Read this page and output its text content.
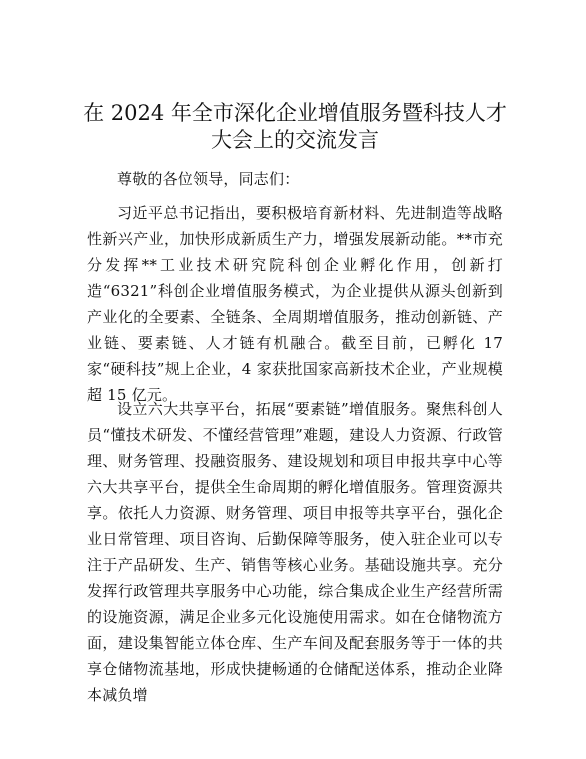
在 2024 年全市深化企业增值服务暨科技人才大会上的交流发言

尊敬的各位领导，同志们：

习近平总书记指出，要积极培育新材料、先进制造等战略性新兴产业，加快形成新质生产力，增强发展新动能。**市充分发挥**工业技术研究院科创企业孵化作用，创新打造“6321”科创企业增值服务模式，为企业提供从源头创新到产业化的全要素、全链条、全周期增值服务，推动创新链、产业链、要素链、人才链有机融合。截至目前，已孵化 17 家“硬科技”规上企业，4 家获批国家高新技术企业，产业规模超 15 亿元。

设立六大共享平台，拓展“要素链”增值服务。聚焦科创人员“懂技术研发、不懂经营管理”难题，建设人力资源、行政管理、财务管理、投融资服务、建设规划和项目申报共享中心等六大共享平台，提供全生命周期的孵化增值服务。管理资源共享。依托人力资源、财务管理、项目申报等共享平台，强化企业日常管理、项目咨询、后勤保障等服务，使入驻企业可以专注于产品研发、生产、销售等核心业务。基础设施共享。充分发挥行政管理共享服务中心功能，综合集成企业生产经营所需的设施资源，满足企业多元化设施使用需求。如在仓储物流方面，建设集智能立体仓库、生产车间及配套服务等于一体的共享仓储物流基地，形成快捷畅通的仓储配送体系，推动企业降本减负增
